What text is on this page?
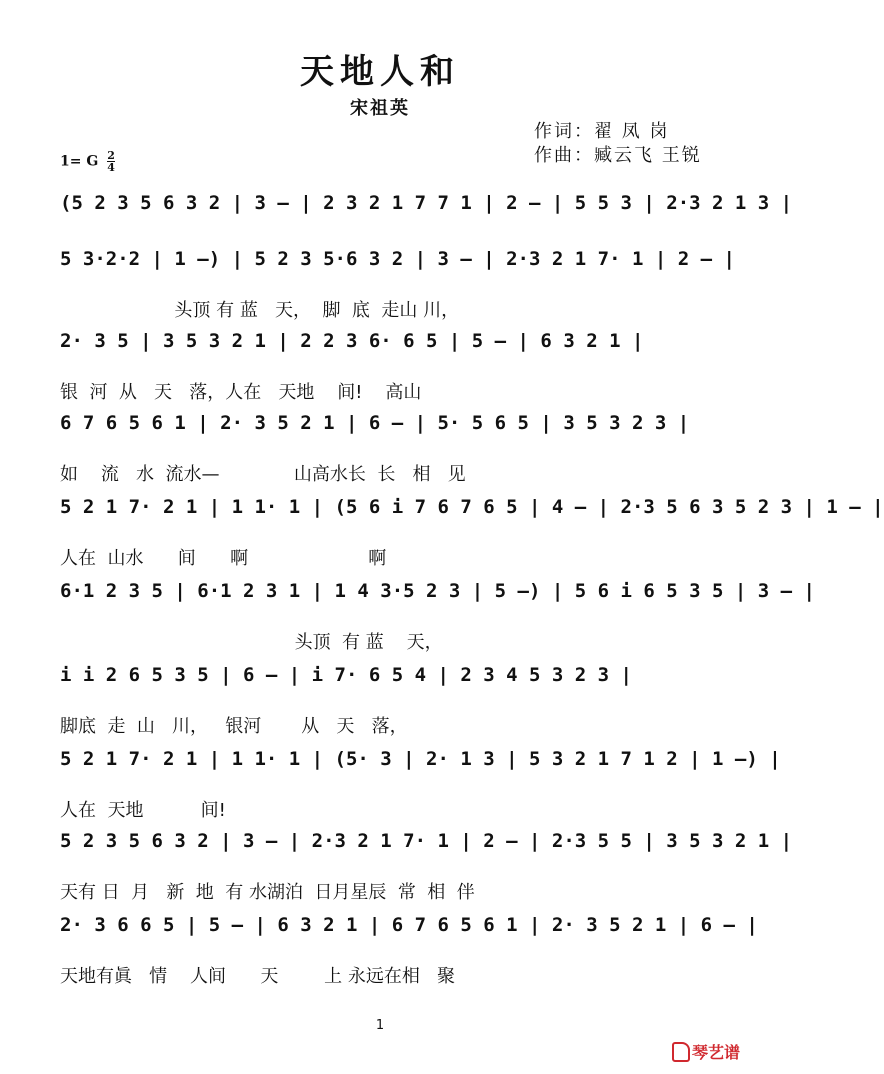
天地人和
宋祖英
作词：翟 凤 岗
作曲：臧云飞 王锐
1= G $\frac{2}{4}$
(5 2 3 5 6 3 2 | 3 – | 2 3 2 1 7 7 1 | 2 – | 5 5 3 | 2·3 2 1 3 |
5 3·2·2 | 1 –) | 5 2 3 5·6 3 2 | 3 – | 2·3 2 1 7· 1 | 2 – |
头顶 有 蓝   天，  脚  底  走山 川，
2· 3 5 | 3 5 3 2 1 | 2 2 3 6· 6 5 | 5 – | 6 3 2 1 |
银  河  从   天   落，人在   天地    间!    高山
6 7 6 5 6 1 | 2· 3 5 2 1 | 6 – | 5· 5 6 5 | 3 5 3 2 3 |
如    流   水  流水—             山高水长  长   相   见
5 2 1 7· 2 1 | 1 1· 1 | (5 6 i 7 6 7 6 5 | 4 – | 2·3 5 6 3 5 2 3 | 1 – |
人在  山水      间      啊                     啊
6·1 2 3 5 | 6·1 2 3 1 | 1 4 3·5 2 3 | 5 –) | 5 6 i 6 5 3 5 | 3 – |
头顶  有 蓝    天，
i i 2 6 5 3 5 | 6 – | i 7· 6 5 4 | 2 3 4 5 3 2 3 |
脚底  走  山   川，   银河       从   天   落，
5 2 1 7· 2 1 | 1 1· 1 | (5· 3 | 2· 1 3 | 5 3 2 1 7 1 2 | 1 –) |
人在  天地          间!
5 2 3 5 6 3 2 | 3 – | 2·3 2 1 7· 1 | 2 – | 2·3 5 5 | 3 5 3 2 1 |
天有 日  月   新  地  有 水湖泊  日月星辰  常  相  伴
2· 3 6 6 5 | 5 – | 6 3 2 1 | 6 7 6 5 6 1 | 2· 3 5 2 1 | 6 – |
天地有眞   情    人间      天        上 永远在相   聚
1
琴艺谱
